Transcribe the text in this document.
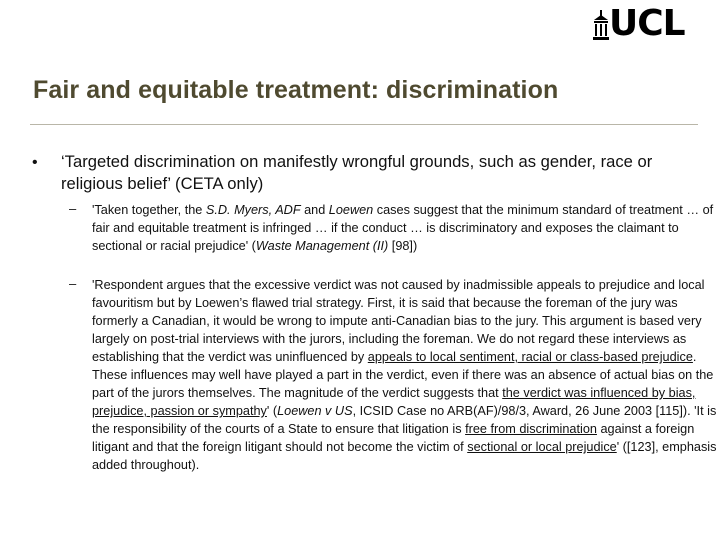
UCL
Fair and equitable treatment: discrimination
• ‘Targeted discrimination on manifestly wrongful grounds, such as gender, race or religious belief’ (CETA only)
– 'Taken together, the S.D. Myers, ADF and Loewen cases suggest that the minimum standard of treatment … of fair and equitable treatment is infringed … if the conduct … is discriminatory and exposes the claimant to sectional or racial prejudice' (Waste Management (II) [98])
– 'Respondent argues that the excessive verdict was not caused by inadmissible appeals to prejudice and local favouritism but by Loewen’s flawed trial strategy. First, it is said that because the foreman of the jury was formerly a Canadian, it would be wrong to impute anti-Canadian bias to the jury. This argument is based very largely on post-trial interviews with the jurors, including the foreman. We do not regard these interviews as establishing that the verdict was uninfluenced by appeals to local sentiment, racial or class-based prejudice. These influences may well have played a part in the verdict, even if there was an absence of actual bias on the part of the jurors themselves. The magnitude of the verdict suggests that the verdict was influenced by bias, prejudice, passion or sympathy' (Loewen v US, ICSID Case no ARB(AF)/98/3, Award, 26 June 2003 [115]). 'It is the responsibility of the courts of a State to ensure that litigation is free from discrimination against a foreign litigant and that the foreign litigant should not become the victim of sectional or local prejudice' ([123], emphasis added throughout).
